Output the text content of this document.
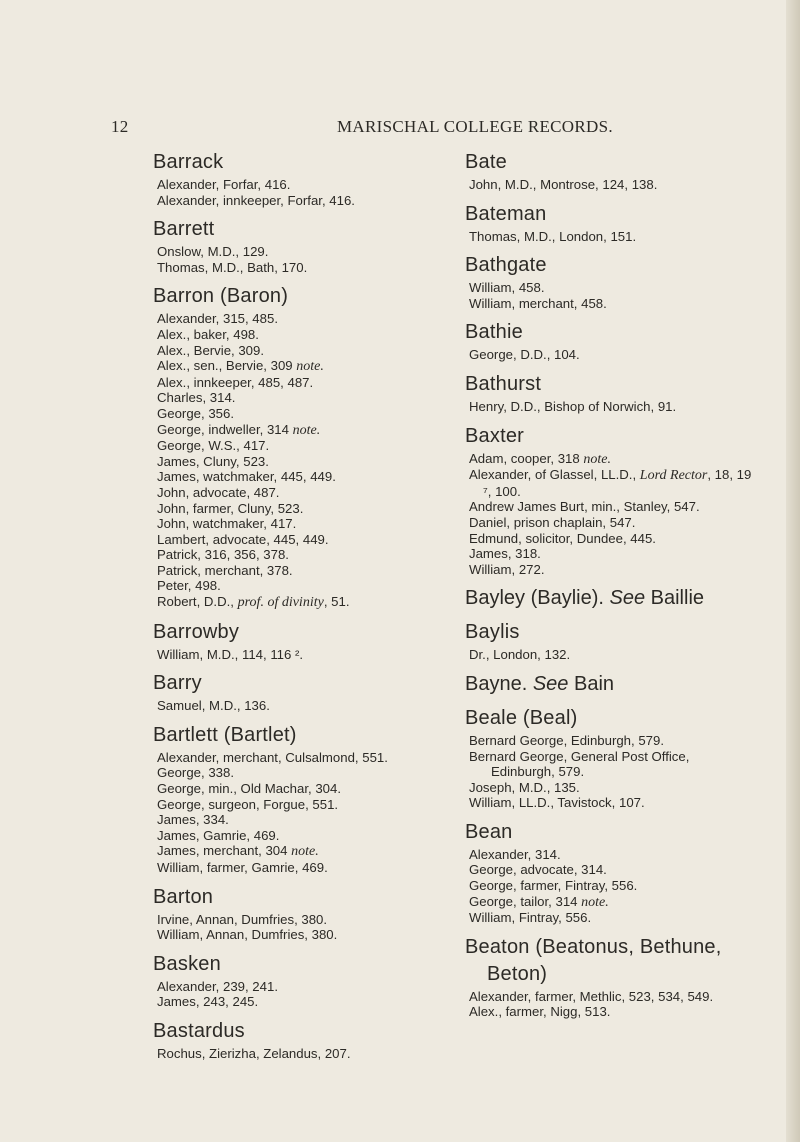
12	MARISCHAL COLLEGE RECORDS.
Barrack
Alexander, Forfar, 416.
Alexander, innkeeper, Forfar, 416.
Barrett
Onslow, M.D., 129.
Thomas, M.D., Bath, 170.
Barron (Baron)
Alexander, 315, 485.
Alex., baker, 498.
Alex., Bervie, 309.
Alex., sen., Bervie, 309 note.
Alex., innkeeper, 485, 487.
Charles, 314.
George, 356.
George, indweller, 314 note.
George, W.S., 417.
James, Cluny, 523.
James, watchmaker, 445, 449.
John, advocate, 487.
John, farmer, Cluny, 523.
John, watchmaker, 417.
Lambert, advocate, 445, 449.
Patrick, 316, 356, 378.
Patrick, merchant, 378.
Peter, 498.
Robert, D.D., prof. of divinity, 51.
Barrowby
William, M.D., 114, 116 ².
Barry
Samuel, M.D., 136.
Bartlett (Bartlet)
Alexander, merchant, Culsalmond, 551.
George, 338.
George, min., Old Machar, 304.
George, surgeon, Forgue, 551.
James, 334.
James, Gamrie, 469.
James, merchant, 304 note.
William, farmer, Gamrie, 469.
Barton
Irvine, Annan, Dumfries, 380.
William, Annan, Dumfries, 380.
Basken
Alexander, 239, 241.
James, 243, 245.
Bastardus
Rochus, Zierizha, Zelandus, 207.
Bate
John, M.D., Montrose, 124, 138.
Bateman
Thomas, M.D., London, 151.
Bathgate
William, 458.
William, merchant, 458.
Bathie
George, D.D., 104.
Bathurst
Henry, D.D., Bishop of Norwich, 91.
Baxter
Adam, cooper, 318 note.
Alexander, of Glassel, LL.D., Lord Rector, 18, 19 ⁷, 100.
Andrew James Burt, min., Stanley, 547.
Daniel, prison chaplain, 547.
Edmund, solicitor, Dundee, 445.
James, 318.
William, 272.
Bayley (Baylie). See Baillie
Baylis
Dr., London, 132.
Bayne. See Bain
Beale (Beal)
Bernard George, Edinburgh, 579.
Bernard George, General Post Office,
Edinburgh, 579.
Joseph, M.D., 135.
William, LL.D., Tavistock, 107.
Bean
Alexander, 314.
George, advocate, 314.
George, farmer, Fintray, 556.
George, tailor, 314 note.
William, Fintray, 556.
Beaton (Beatonus, Bethune,
Beton)
Alexander, farmer, Methlic, 523, 534, 549.
Alex., farmer, Nigg, 513.
